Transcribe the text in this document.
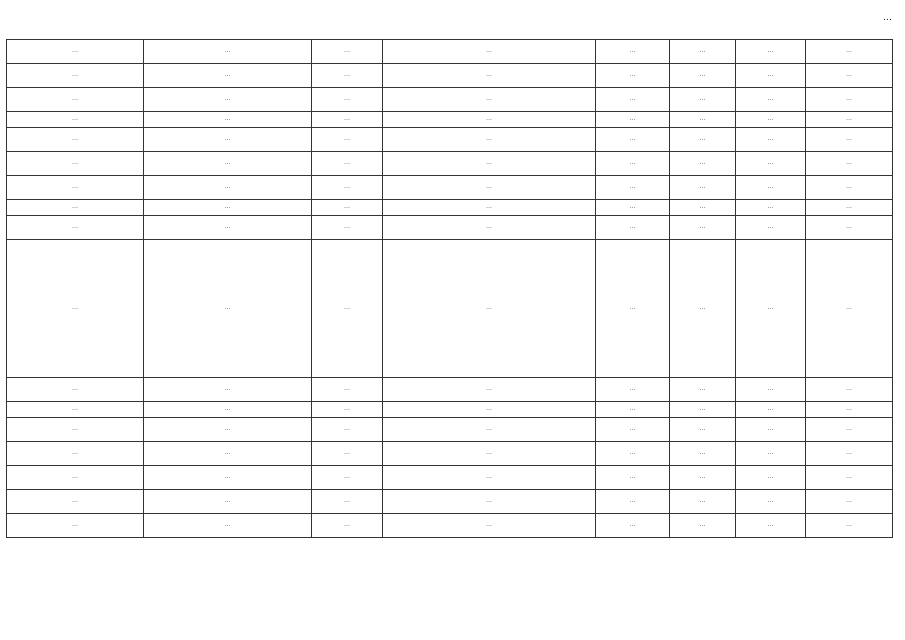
…
…	…	…	…	…	…	…	…
…	…	…	…	…	…	…	…
…	…	…	…	…	…	…	…
…	…	…	…	…	…	…	…
…	…	…	…	…	…	…	…
…	…	…	…	…	…	…	…
…	…	…	…	…	…	…	…
…	…	…	…	…	…	…	…
…	…	…	…	…	…	…	…
…	…	…	…	…	…	…	…
…	…	…	…	…	…	…	…
…	…	…	…	…	…	…	…
…	…	…	…	…	…	…	…
…	…	…	…	…	…	…	…
…	…	…	…	…	…	…	…
…	…	…	…	…	…	…	…
…	…	…	…	…	…	…	…
